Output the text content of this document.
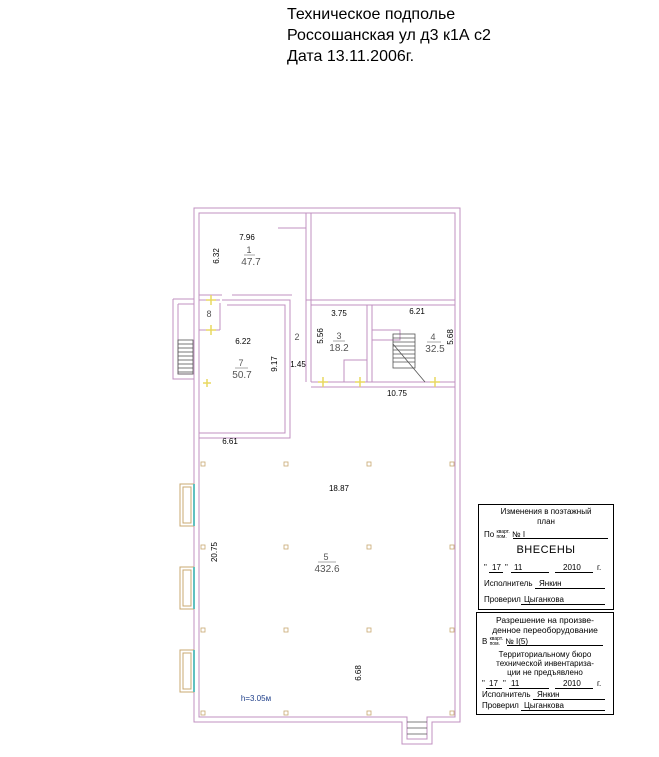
Техническое подполье
Россошанская ул д3 к1А с2
Дата 13.11.2006г.
1
47.7
2	3
18.2
4
32.5
5
432.6
7
50.7
8
7.96
6.32
3.75	6.21
5.56	5.68
6.22
9.17 1.45
10.75
6.61
18.87
20.75
6.68
h=3.05м
Изменения в поэтажный
план
По кварт.
пом. № I
ВНЕСЕНЫ
" 17 " 11	2010 г.
Исполнитель Янкин
Проверил Цыганкова
Разрешение на произве-
денное переоборудование
В кварт.
пом. № I(5)
Территориальному бюро
технической инвентаризa-
ции не предъявлено
" 17 " 11	2010 г.
Исполнитель Янкин
Проверил Цыганкова
